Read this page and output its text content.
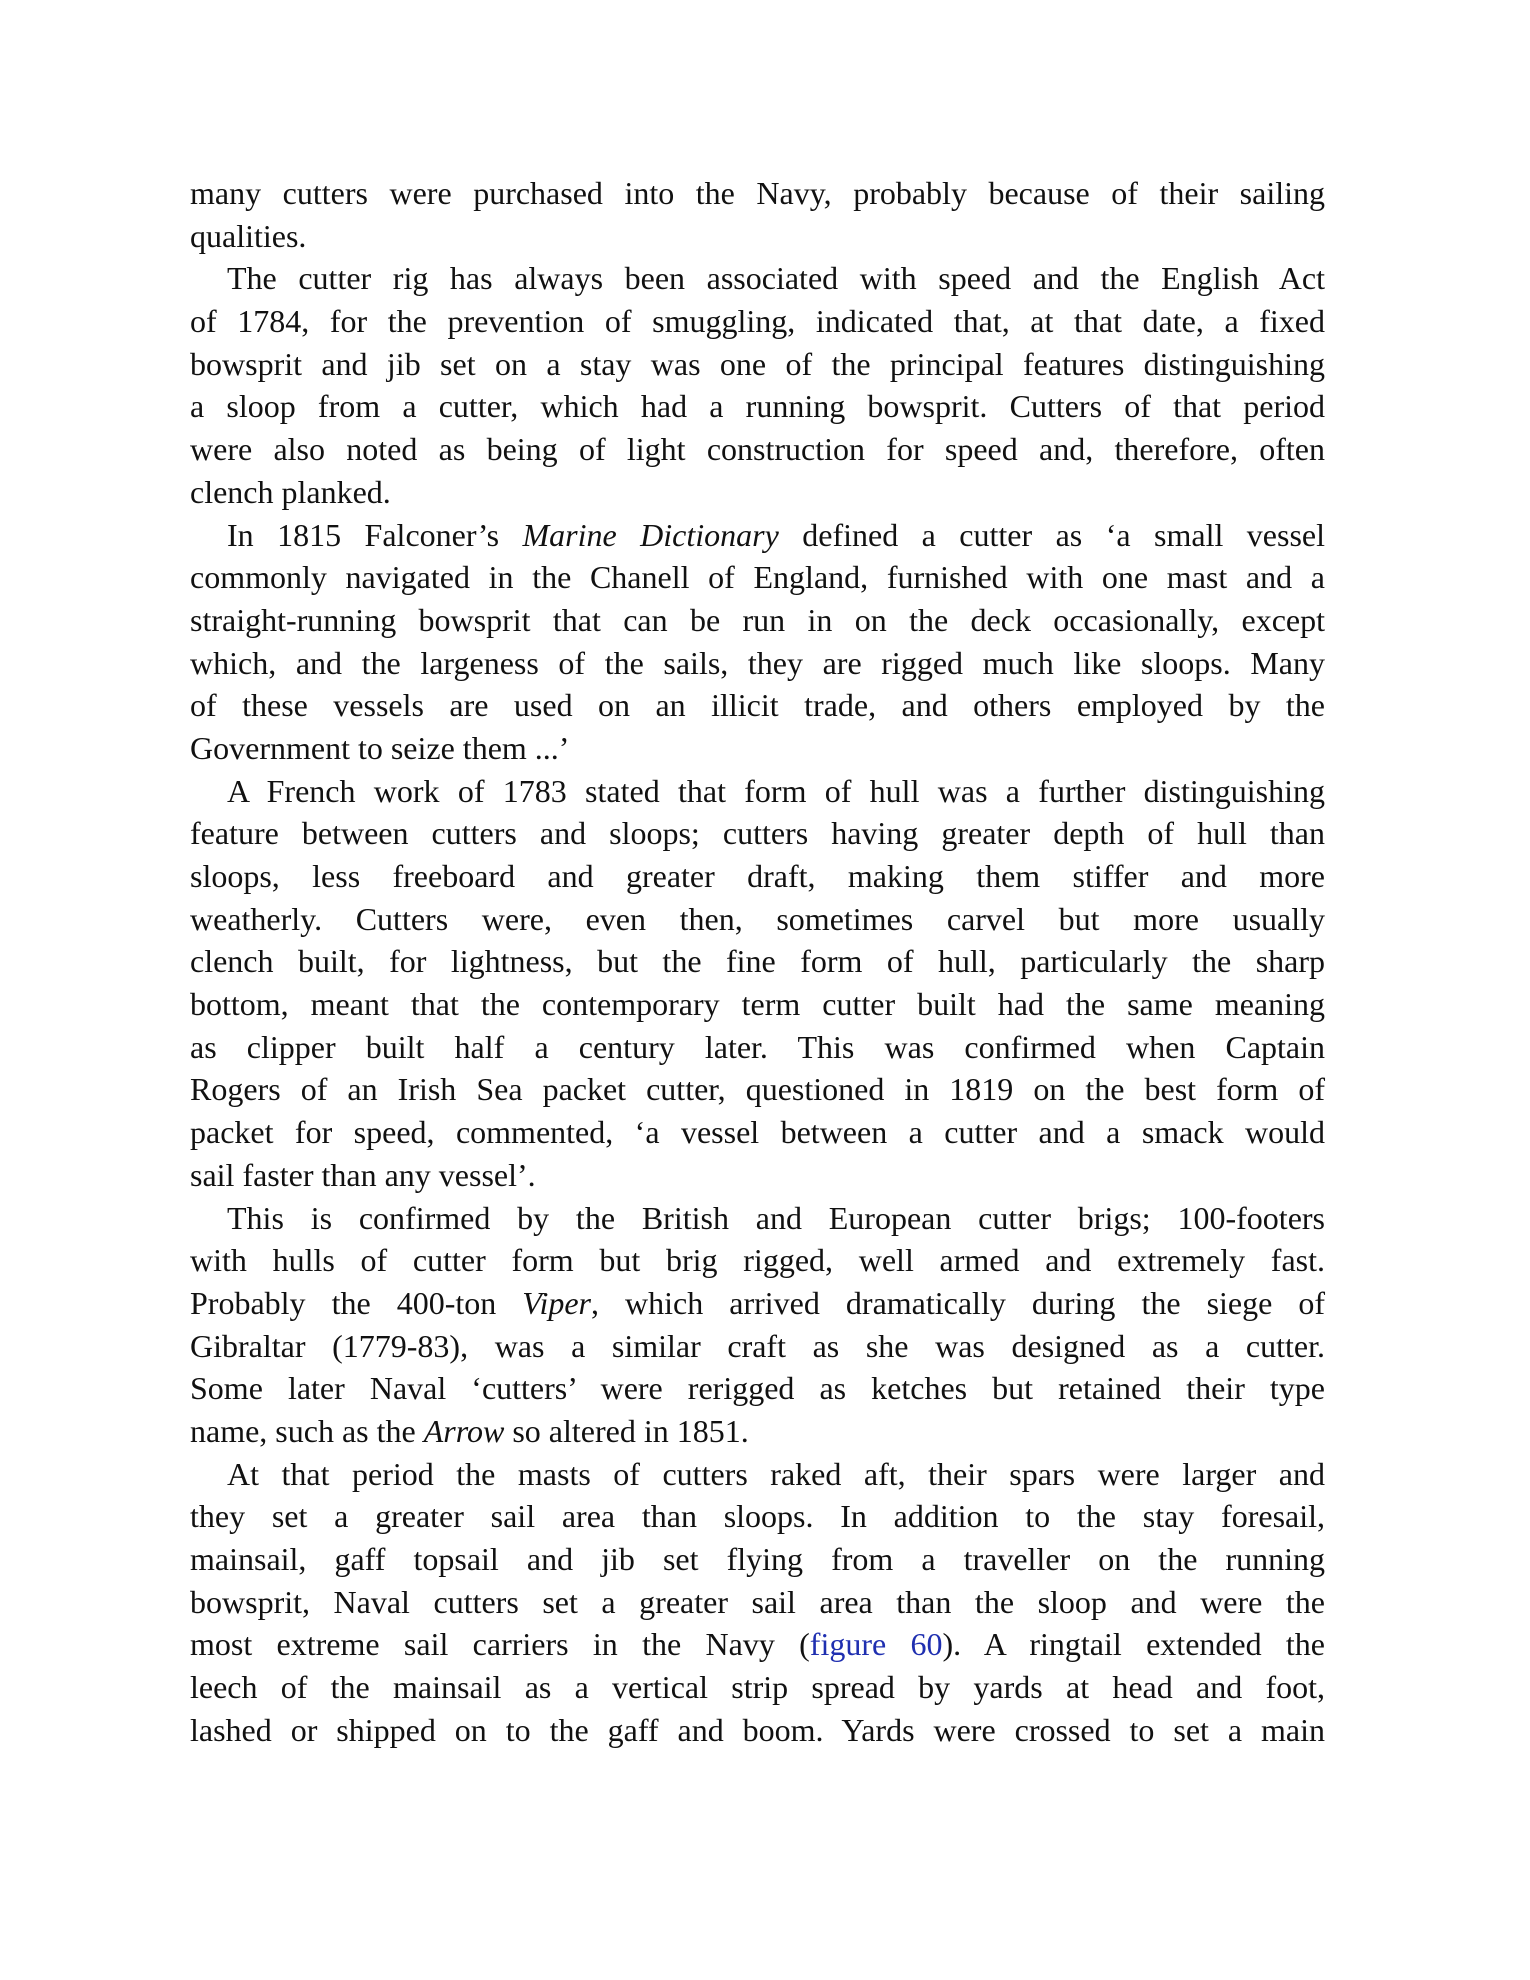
many cutters were purchased into the Navy, probably because of their sailing
qualities.
The cutter rig has always been associated with speed and the English Act
of 1784, for the prevention of smuggling, indicated that, at that date, a fixed
bowsprit and jib set on a stay was one of the principal features distinguishing
a sloop from a cutter, which had a running bowsprit. Cutters of that period
were also noted as being of light construction for speed and, therefore, often
clench planked.
In 1815 Falconer’s Marine Dictionary defined a cutter as ‘a small vessel
commonly navigated in the Chanell of England, furnished with one mast and a
straight-running bowsprit that can be run in on the deck occasionally, except
which, and the largeness of the sails, they are rigged much like sloops. Many
of these vessels are used on an illicit trade, and others employed by the
Government to seize them ...’
A French work of 1783 stated that form of hull was a further distinguishing
feature between cutters and sloops; cutters having greater depth of hull than
sloops, less freeboard and greater draft, making them stiffer and more
weatherly. Cutters were, even then, sometimes carvel but more usually
clench built, for lightness, but the fine form of hull, particularly the sharp
bottom, meant that the contemporary term cutter built had the same meaning
as clipper built half a century later. This was confirmed when Captain
Rogers of an Irish Sea packet cutter, questioned in 1819 on the best form of
packet for speed, commented, ‘a vessel between a cutter and a smack would
sail faster than any vessel’.
This is confirmed by the British and European cutter brigs; 100-footers
with hulls of cutter form but brig rigged, well armed and extremely fast.
Probably the 400-ton Viper, which arrived dramatically during the siege of
Gibraltar (1779-83), was a similar craft as she was designed as a cutter.
Some later Naval ‘cutters’ were rerigged as ketches but retained their type
name, such as the Arrow so altered in 1851.
At that period the masts of cutters raked aft, their spars were larger and
they set a greater sail area than sloops. In addition to the stay foresail,
mainsail, gaff topsail and jib set flying from a traveller on the running
bowsprit, Naval cutters set a greater sail area than the sloop and were the
most extreme sail carriers in the Navy (figure 60). A ringtail extended the
leech of the mainsail as a vertical strip spread by yards at head and foot,
lashed or shipped on to the gaff and boom. Yards were crossed to set a main
